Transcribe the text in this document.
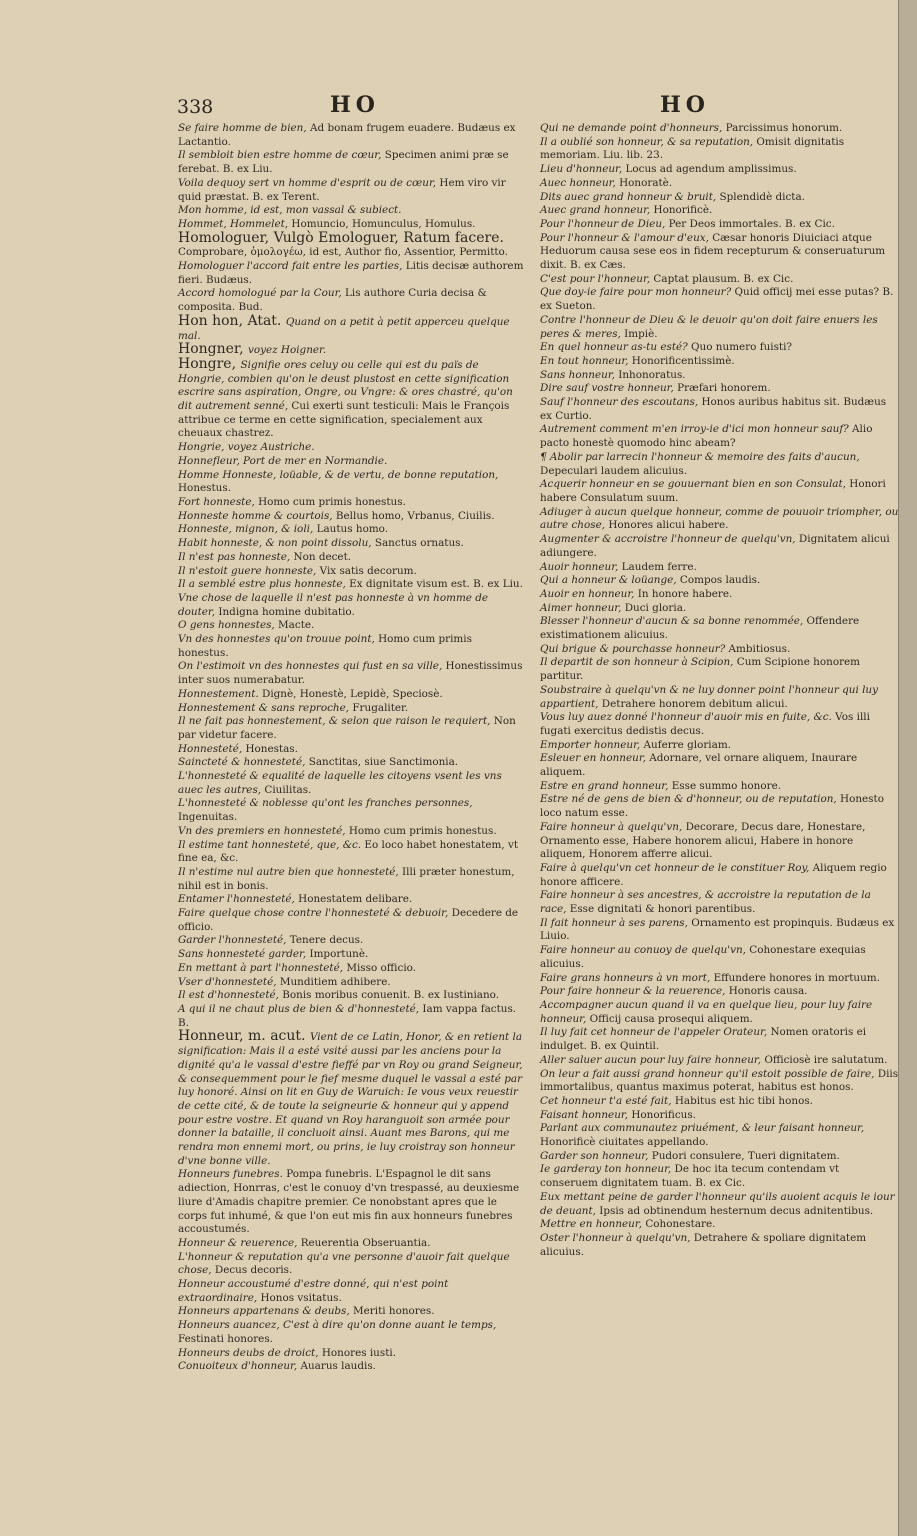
338	HO	HO

Se faire homme de bien, Ad bonam frugem euadere. Budæus ex Lactantio.

Il sembloit bien estre homme de cœur, Specimen animi præ se ferebat. B. ex Liu.

Voila dequoy sert vn homme d'esprit ou de cœur, Hem viro vir quid præstat. B. ex Terent.

Mon homme, id est, mon vassal & subiect.

Hommet, Hommelet, Homuncio, Homunculus, Homulus.

Homologuer, Vulgò Emologuer, Ratum facere.

Comprobare, ὁμολογέω, id est, Author fio, Assentior, Permitto.

Homologuer l'accord fait entre les parties, Litis decisæ authorem fieri. Budæus.

Accord homologué par la Cour, Lis authore Curia decisa & composita. Bud.

Hon hon, Atat. Quand on a petit à petit apperceu quelque mal.

Hongner, voyez Hoigner.

Hongre, Signifie ores celuy ou celle qui est du païs de Hongrie, combien qu'on le deust plustost en cette signification escrire sans aspiration, Ongre, ou Vngre: & ores chastré, qu'on dit autrement senné, Cui exerti sunt testiculi: Mais le François attribue ce terme en cette signification, specialement aux cheuaux chastrez.

Hongrie, voyez Austriche.

Honnefleur, Port de mer en Normandie.

Homme Honneste, loüable, & de vertu, de bonne reputation, Honestus.

Fort honneste, Homo cum primis honestus.

Honneste homme & courtois, Bellus homo, Vrbanus, Ciuilis.

Honneste, mignon, & ioli, Lautus homo.

Habit honneste, & non point dissolu, Sanctus ornatus.

Il n'est pas honneste, Non decet.

Il n'estoit guere honneste, Vix satis decorum.

Il a semblé estre plus honneste, Ex dignitate visum est. B. ex Liu.

Vne chose de laquelle il n'est pas honneste à vn homme de douter, Indigna homine dubitatio.

O gens honnestes, Macte.

Vn des honnestes qu'on trouue point, Homo cum primis honestus.

On l'estimoit vn des honnestes qui fust en sa ville, Honestissimus inter suos numerabatur.

Honnestement. Dignè, Honestè, Lepidè, Speciosè.

Honnestement & sans reproche, Frugaliter.

Il ne fait pas honnestement, & selon que raison le requiert, Non par videtur facere.

Honnesteté, Honestas.

Saincteté & honnesteté, Sanctitas, siue Sanctimonia.

L'honnesteté & equalité de laquelle les citoyens vsent les vns auec les autres, Ciuilitas.

L'honnesteté & noblesse qu'ont les franches personnes, Ingenuitas.

Vn des premiers en honnesteté, Homo cum primis honestus.

Il estime tant honnesteté, que, &c. Eo loco habet honestatem, vt fine ea, &c.

Il n'estime nul autre bien que honnesteté, Illi præter honestum, nihil est in bonis.

Entamer l'honnesteté, Honestatem delibare.

Faire quelque chose contre l'honnesteté & debuoir, Decedere de officio.

Garder l'honnesteté, Tenere decus.

Sans honnesteté garder, Importunè.

En mettant à part l'honnesteté, Misso officio.

Vser d'honnesteté, Munditiem adhibere.

Il est d'honnesteté, Bonis moribus conuenit. B. ex Iustiniano.

A qui il ne chaut plus de bien & d'honnesteté, Iam vappa factus. B.

Honneur, m. acut. Vient de ce Latin, Honor, & en retient la signification: Mais il a esté vsité aussi par les anciens pour la dignité qu'a le vassal d'estre fieffé par vn Roy ou grand Seigneur, & consequemment pour le fief mesme duquel le vassal a esté par luy honoré. Ainsi on lit en Guy de Waruich: Ie vous veux reuestir de cette cité, & de toute la seigneurie & honneur qui y append pour estre vostre. Et quand vn Roy haranguoit son armée pour donner la bataille, il concluoit ainsi. Auant mes Barons, qui me rendra mon ennemi mort, ou prins, ie luy croistray son honneur d'vne bonne ville.

Honneurs funebres. Pompa funebris. L'Espagnol le dit sans adiection, Honrras, c'est le conuoy d'vn trespassé, au deuxiesme liure d'Amadis chapitre premier. Ce nonobstant apres que le corps fut inhumé, & que l'on eut mis fin aux honneurs funebres accoustumés.

Honneur & reuerence, Reuerentia Obseruantia.

L'honneur & reputation qu'a vne personne d'auoir fait quelque chose, Decus decoris.

Honneur accoustumé d'estre donné, qui n'est point extraordinaire, Honos vsitatus.

Honneurs appartenans & deubs, Meriti honores.

Honneurs auancez, C'est à dire qu'on donne auant le temps, Festinati honores.

Honneurs deubs de droict, Honores iusti.

Conuoiteux d'honneur, Auarus laudis.

Qui ne demande point d'honneurs, Parcissimus honorum.

Il a oublié son honneur, & sa reputation, Omisit dignitatis memoriam. Liu. lib. 23.

Lieu d'honneur, Locus ad agendum amplissimus.

Auec honneur, Honoratè.

Dits auec grand honneur & bruit, Splendidè dicta.

Auec grand honneur, Honorificè.

Pour l'honneur de Dieu, Per Deos immortales. B. ex Cic.

Pour l'honneur & l'amour d'eux, Cæsar honoris Diuiciaci atque Heduorum causa sese eos in fidem recepturum & conseruaturum dixit. B. ex Cæs.

C'est pour l'honneur, Captat plausum. B. ex Cic.

Que doy-ie faire pour mon honneur? Quid officij mei esse putas? B. ex Sueton.

Contre l'honneur de Dieu & le deuoir qu'on doit faire enuers les peres & meres, Impiè.

En quel honneur as-tu esté? Quo numero fuisti?

En tout honneur, Honorificentissimè.

Sans honneur, Inhonoratus.

Dire sauf vostre honneur, Præfari honorem.

Sauf l'honneur des escoutans, Honos auribus habitus sit. Budæus ex Curtio.

Autrement comment m'en irroy-ie d'ici mon honneur sauf? Alio pacto honestè quomodo hinc abeam?

¶ Abolir par larrecin l'honneur & memoire des faits d'aucun, Depeculari laudem alicuius.

Acquerir honneur en se gouuernant bien en son Consulat, Honori habere Consulatum suum.

Adiuger à aucun quelque honneur, comme de pouuoir triompher, ou autre chose, Honores alicui habere.

Augmenter & accroistre l'honneur de quelqu'vn, Dignitatem alicui adiungere.

Auoir honneur, Laudem ferre.

Qui a honneur & loüange, Compos laudis.

Auoir en honneur, In honore habere.

Aimer honneur, Duci gloria.

Blesser l'honneur d'aucun & sa bonne renommée, Offendere existimationem alicuius.

Qui brigue & pourchasse honneur? Ambitiosus.

Il departit de son honneur à Scipion, Cum Scipione honorem partitur.

Soubstraire à quelqu'vn & ne luy donner point l'honneur qui luy appartient, Detrahere honorem debitum alicui.

Vous luy auez donné l'honneur d'auoir mis en fuite, &c. Vos illi fugati exercitus dedistis decus.

Emporter honneur, Auferre gloriam.

Esleuer en honneur, Adornare, vel ornare aliquem, Inaurare aliquem.

Estre en grand honneur, Esse summo honore.

Estre né de gens de bien & d'honneur, ou de reputation, Honesto loco natum esse.

Faire honneur à quelqu'vn, Decorare, Decus dare, Honestare, Ornamento esse, Habere honorem alicui, Habere in honore aliquem, Honorem afferre alicui.

Faire à quelqu'vn cet honneur de le constituer Roy, Aliquem regio honore afficere.

Faire honneur à ses ancestres, & accroistre la reputation de la race, Esse dignitati & honori parentibus.

Il fait honneur à ses parens, Ornamento est propinquis. Budæus ex Liuio.

Faire honneur au conuoy de quelqu'vn, Cohonestare exequias alicuius.

Faire grans honneurs à vn mort, Effundere honores in mortuum.

Pour faire honneur & la reuerence, Honoris causa.

Accompagner aucun quand il va en quelque lieu, pour luy faire honneur, Officij causa prosequi aliquem.

Il luy fait cet honneur de l'appeler Orateur, Nomen oratoris ei indulget. B. ex Quintil.

Aller saluer aucun pour luy faire honneur, Officiosè ire salutatum.

On leur a fait aussi grand honneur qu'il estoit possible de faire, Diis immortalibus, quantus maximus poterat, habitus est honos.

Cet honneur t'a esté fait, Habitus est hic tibi honos.

Faisant honneur, Honorificus.

Parlant aux communautez priuément, & leur faisant honneur, Honorificè ciuitates appellando.

Garder son honneur, Pudori consulere, Tueri dignitatem.

Ie garderay ton honneur, De hoc ita tecum contendam vt conseruem dignitatem tuam. B. ex Cic.

Eux mettant peine de garder l'honneur qu'ils auoient acquis le iour de deuant, Ipsis ad obtinendum hesternum decus adnitentibus.

Mettre en honneur, Cohonestare.

Oster l'honneur à quelqu'vn, Detrahere & spoliare dignitatem alicuius.
